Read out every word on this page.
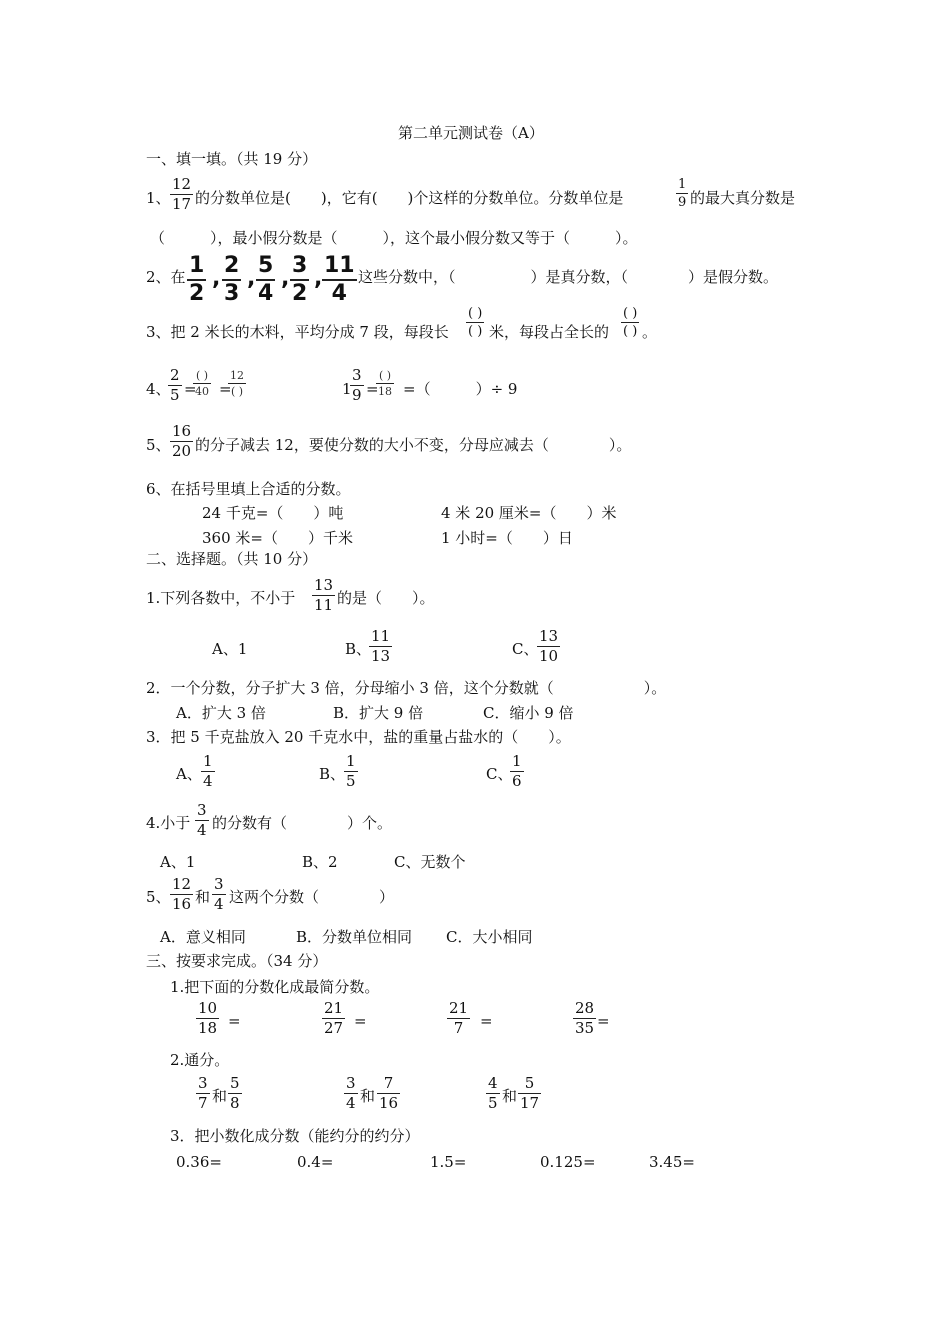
第二单元测试卷（A）
一、填一填。（共 19 分）
1、
12
17 的分数单位是(　　)，它有(　　)个这样的分数单位。分数单位是
1
9 的最大真分数是
（　　　），最小假分数是（　　　），这个最小假分数又等于（　　　）。
2、在 1
2
,
2
3
,
5
4
,
3
2
,
11
4
这些分数中，（　　　　　）是真分数，（　　　　）是假分数。
3、把 2 米长的木料，平均分成 7 段，每段长
( )
( ) 米，每段占全长的
( )
( ) 。
4、
2
5 =
( )
40 =
12
( )	1
3
9 =
( )
18 =（　　　）÷ 9
5、
16
20 的分子减去 12，要使分数的大小不变，分母应减去（　　　　）。
6、在括号里填上合适的分数。
24 千克=（　　）吨	4 米 20 厘米=（　　）米
360 米=（　　）千米	1 小时=（　　）日
二、选择题。（共 10 分）
1.下列各数中，不小于
13
11 的是（　　）。
A、1	B、
11
13	C、
13
10
2．一个分数，分子扩大 3 倍，分母缩小 3 倍，这个分数就（　　　　　　）。
A．扩大 3 倍	B．扩大 9 倍	C．缩小 9 倍
3．把 5 千克盐放入 20 千克水中，盐的重量占盐水的（　　）。
A、
1
4	B、
1
5	C、
1
6
4.小于
3
4 的分数有（　　　　）个。
A、1	B、2	C、无数个
5、
12
16 和
3
4 这两个分数（　　　　）
A．意义相同	B．分数单位相同 C．大小相同
三、按要求完成。（34 分）
1.把下面的分数化成最简分数。
10
18 =
21
27 =
21
7 =
28
35 =
2.通分。
3
7 和
5
8
3
4 和
7
16
4
5 和
5
17
3．把小数化成分数（能约分的约分）
0.36=	0.4=	1.5=	0.125=	3.45=
